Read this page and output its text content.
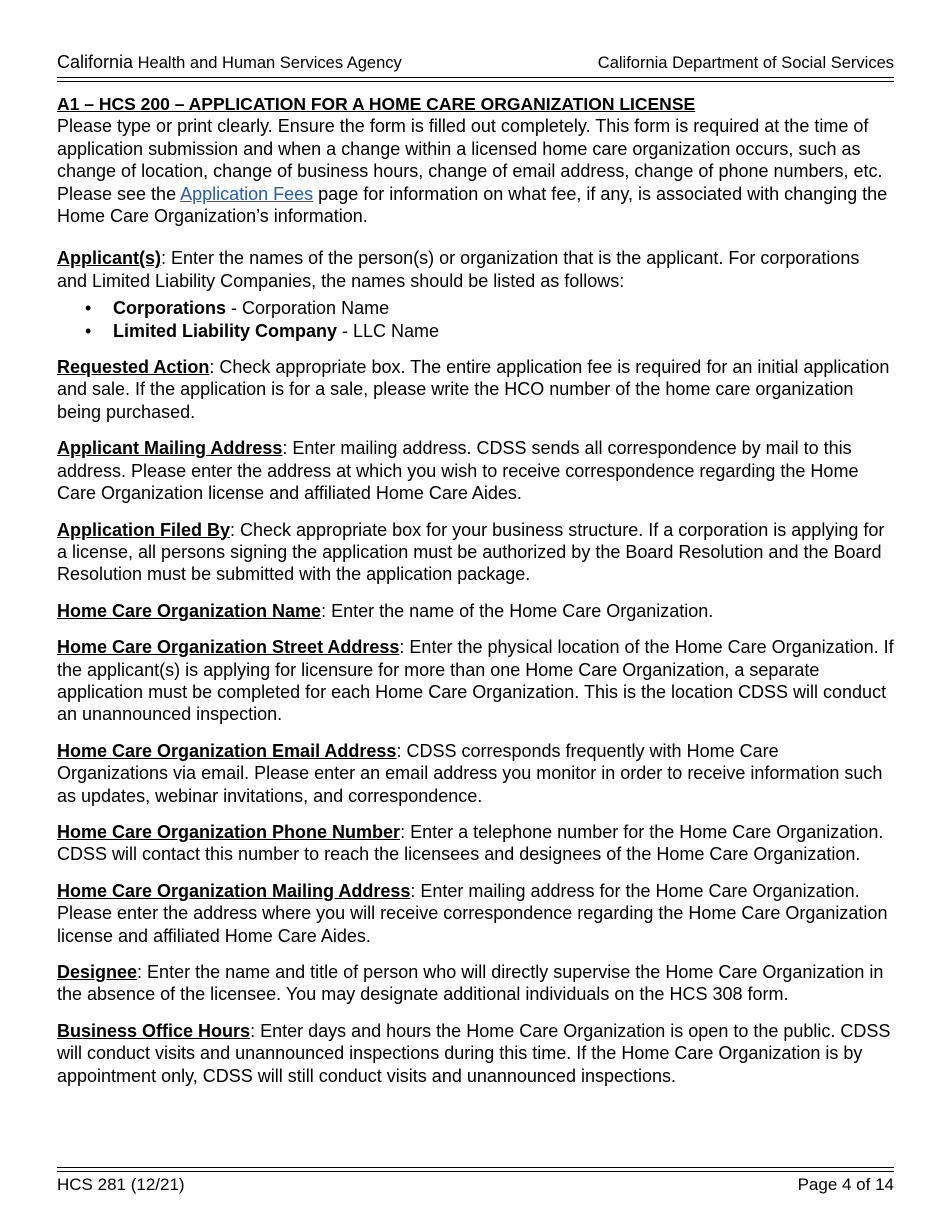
California Health and Human Services Agency	California Department of Social Services
A1 – HCS 200 – APPLICATION FOR A HOME CARE ORGANIZATION LICENSE

Please type or print clearly. Ensure the form is filled out completely. This form is required at the time of application submission and when a change within a licensed home care organization occurs, such as change of location, change of business hours, change of email address, change of phone numbers, etc. Please see the Application Fees page for information on what fee, if any, is associated with changing the Home Care Organization’s information.

Applicant(s): Enter the names of the person(s) or organization that is the applicant. For corporations and Limited Liability Companies, the names should be listed as follows:

• Corporations - Corporation Name
• Limited Liability Company - LLC Name

Requested Action: Check appropriate box. The entire application fee is required for an initial application and sale. If the application is for a sale, please write the HCO number of the home care organization being purchased.

Applicant Mailing Address: Enter mailing address. CDSS sends all correspondence by mail to this address. Please enter the address at which you wish to receive correspondence regarding the Home Care Organization license and affiliated Home Care Aides.

Application Filed By: Check appropriate box for your business structure. If a corporation is applying for a license, all persons signing the application must be authorized by the Board Resolution and the Board Resolution must be submitted with the application package.

Home Care Organization Name: Enter the name of the Home Care Organization.

Home Care Organization Street Address: Enter the physical location of the Home Care Organization. If the applicant(s) is applying for licensure for more than one Home Care Organization, a separate application must be completed for each Home Care Organization. This is the location CDSS will conduct an unannounced inspection.

Home Care Organization Email Address: CDSS corresponds frequently with Home Care Organizations via email. Please enter an email address you monitor in order to receive information such as updates, webinar invitations, and correspondence.

Home Care Organization Phone Number: Enter a telephone number for the Home Care Organization. CDSS will contact this number to reach the licensees and designees of the Home Care Organization.

Home Care Organization Mailing Address: Enter mailing address for the Home Care Organization. Please enter the address where you will receive correspondence regarding the Home Care Organization license and affiliated Home Care Aides.

Designee: Enter the name and title of person who will directly supervise the Home Care Organization in the absence of the licensee. You may designate additional individuals on the HCS 308 form.

Business Office Hours: Enter days and hours the Home Care Organization is open to the public. CDSS will conduct visits and unannounced inspections during this time. If the Home Care Organization is by appointment only, CDSS will still conduct visits and unannounced inspections.

HCS 281 (12/21)	Page 4 of 14
